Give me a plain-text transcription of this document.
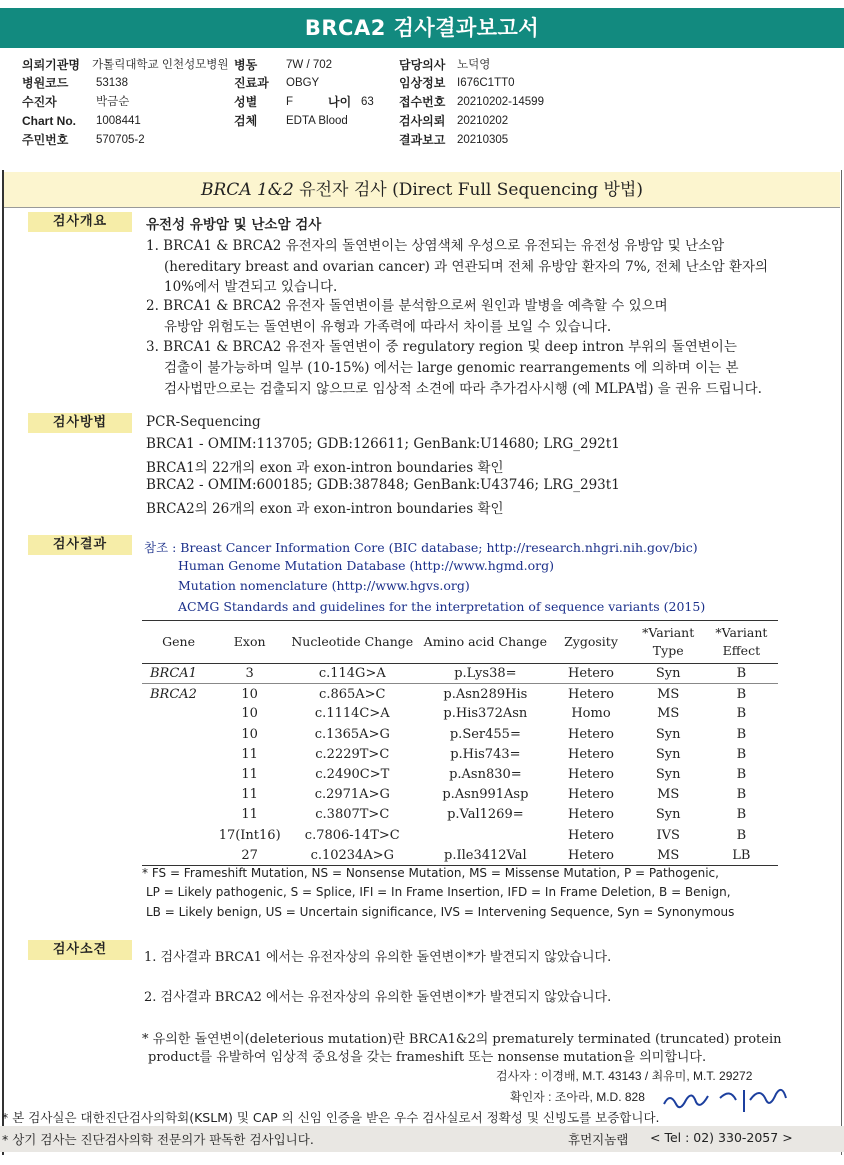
BRCA2 검사결과보고서
의뢰기관명 가톨릭대학교 인천성모병원 병동	7W / 702	담당의사 노덕영
병원코드 53138	진료과 OBGY	임상정보 I676C1TT0
수진자	박금순	성별	F	나이 63 접수번호 20210202-14599
Chart No. 1008441	검체	EDTA Blood	검사의뢰 20210202
주민번호 570705-2	결과보고 20210305
BRCA 1&2 유전자 검사 (Direct Full Sequencing 방법)
검사개요	유전성 유방암 및 난소암 검사
1. BRCA1 & BRCA2 유전자의 돌연변이는 상염색체 우성으로 유전되는 유전성 유방암 및 난소암
(hereditary breast and ovarian cancer) 과 연관되며 전체 유방암 환자의 7%, 전체 난소암 환자의
10%에서 발견되고 있습니다.
2. BRCA1 & BRCA2 유전자 돌연변이를 분석함으로써 원인과 발병을 예측할 수 있으며
유방암 위험도는 돌연변이 유형과 가족력에 따라서 차이를 보일 수 있습니다.
3. BRCA1 & BRCA2 유전자 돌연변이 중 regulatory region 및 deep intron 부위의 돌연변이는
검출이 불가능하며 일부 (10-15%) 에서는 large genomic rearrangements 에 의하며 이는 본
검사법만으로는 검출되지 않으므로 임상적 소견에 따라 추가검사시행 (예 MLPA법) 을 권유 드립니다.
검사방법	PCR-Sequencing
BRCA1 - OMIM:113705; GDB:126611; GenBank:U14680; LRG_292t1
BRCA1의 22개의 exon 과 exon-intron boundaries 확인
BRCA2 - OMIM:600185; GDB:387848; GenBank:U43746; LRG_293t1
BRCA2의 26개의 exon 과 exon-intron boundaries 확인
검사결과	참조 : Breast Cancer Information Core (BIC database; http://research.nhgri.nih.gov/bic)
Human Genome Mutation Database (http://www.hgmd.org)
Mutation nomenclature (http://www.hgvs.org)
ACMG Standards and guidelines for the interpretation of sequence variants (2015)
Gene	Exon	Nucleotide Change	Amino acid Change	Zygosity	*Variant Type	*Variant Effect
BRCA1	3	c.114G>A	p.Lys38=	Hetero	Syn	B
BRCA2	10	c.865A>C	p.Asn289His	Hetero	MS	B
	10	c.1114C>A	p.His372Asn	Homo	MS	B
	10	c.1365A>G	p.Ser455=	Hetero	Syn	B
	11	c.2229T>C	p.His743=	Hetero	Syn	B
	11	c.2490C>T	p.Asn830=	Hetero	Syn	B
	11	c.2971A>G	p.Asn991Asp	Hetero	MS	B
	11	c.3807T>C	p.Val1269=	Hetero	Syn	B
	17(Int16)	c.7806-14T>C		Hetero	IVS	B
	27	c.10234A>G	p.Ile3412Val	Hetero	MS	LB
* FS = Frameshift Mutation, NS = Nonsense Mutation, MS = Missense Mutation, P = Pathogenic,
LP = Likely pathogenic, S = Splice, IFI = In Frame Insertion, IFD = In Frame Deletion, B = Benign,
LB = Likely benign, US = Uncertain significance, IVS = Intervening Sequence, Syn = Synonymous
검사소견
1. 검사결과 BRCA1 에서는 유전자상의 유의한 돌연변이*가 발견되지 않았습니다.
2. 검사결과 BRCA2 에서는 유전자상의 유의한 돌연변이*가 발견되지 않았습니다.
* 유의한 돌연변이(deleterious mutation)란 BRCA1&2의 prematurely terminated (truncated) protein
product를 유발하여 임상적 중요성을 갖는 frameshift 또는 nonsense mutation을 의미합니다.
검사자 : 이경배, M.T. 43143 / 최유미, M.T. 29272
확인자 : 조아라, M.D. 828
* 본 검사실은 대한진단검사의학회(KSLM) 및 CAP 의 신임 인증을 받은 우수 검사실로서 정확성 및 신빙도를 보증합니다.
* 상기 검사는 진단검사의학 전문의가 판독한 검사입니다.	휴먼지놈랩 < Tel : 02) 330-2057 >
